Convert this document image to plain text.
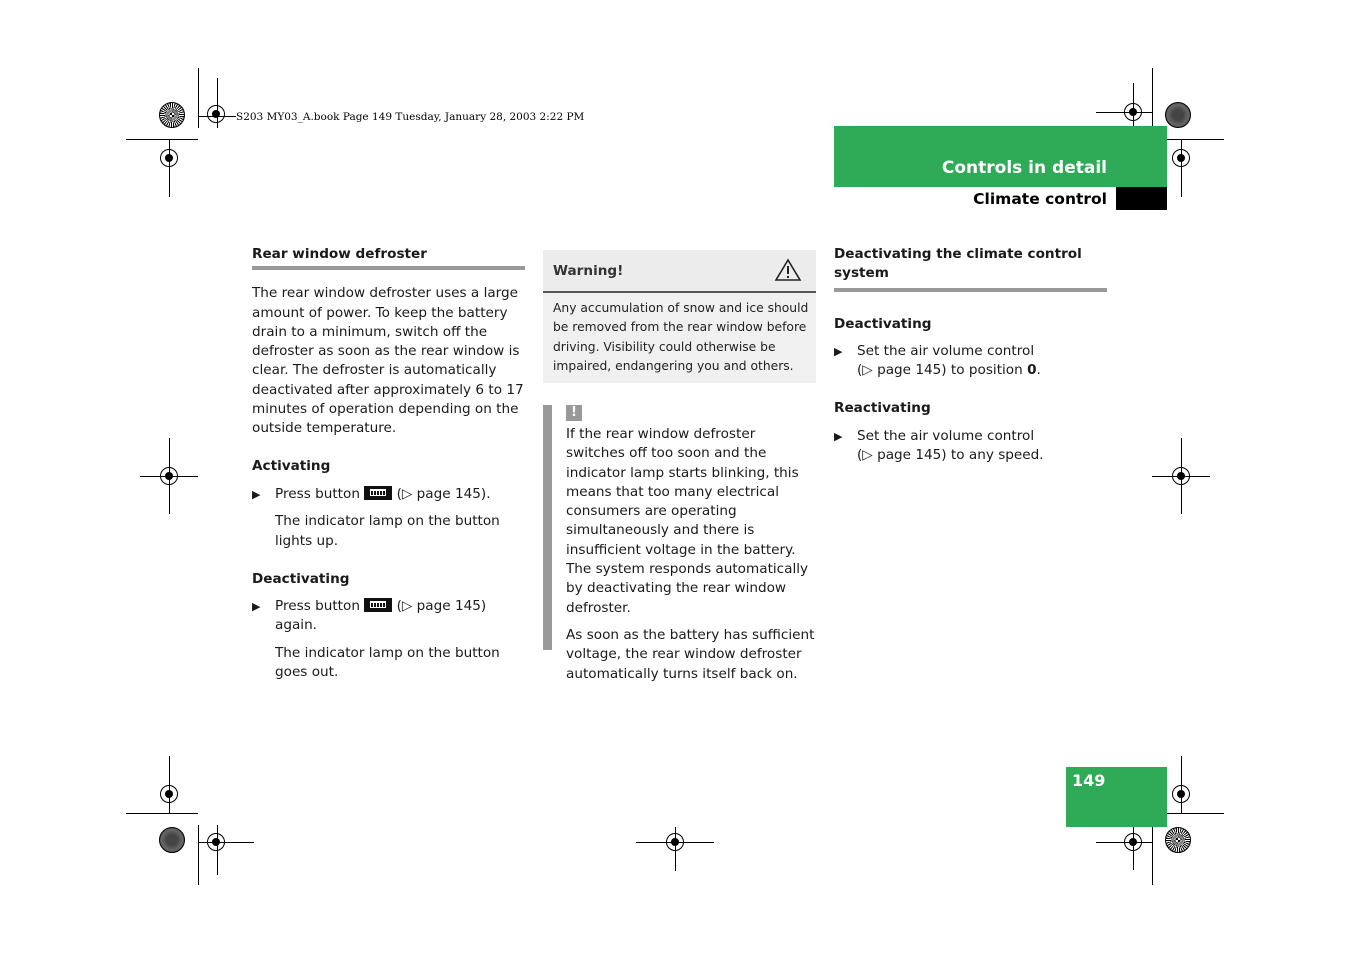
S203 MY03_A.book Page 149 Tuesday, January 28, 2003 2:22 PM
Controls in detail
Climate control
Rear window defroster

The rear window defroster uses a large amount of power. To keep the battery drain to a minimum, switch off the defroster as soon as the rear window is clear. The defroster is automatically deactivated after approximately 6 to 17 minutes of operation depending on the outside temperature.

Activating
▶ Press button	(▷ page 145).

The indicator lamp on the button lights up.

Deactivating
▶ Press button	(▷ page 145) again.

The indicator lamp on the button goes out.

Warning!
Any accumulation of snow and ice should be removed from the rear window before driving. Visibility could otherwise be impaired, endangering you and others.
!

If the rear window defroster switches off too soon and the indicator lamp starts blinking, this means that too many electrical consumers are operating simultaneously and there is insufficient voltage in the battery. The system responds automatically by deactivating the rear window defroster.

As soon as the battery has sufficient voltage, the rear window defroster automatically turns itself back on.

Deactivating the climate control system
Deactivating
▶ Set the air volume control
(▷ page 145) to position 0.
Reactivating
▶ Set the air volume control
(▷ page 145) to any speed.
149
